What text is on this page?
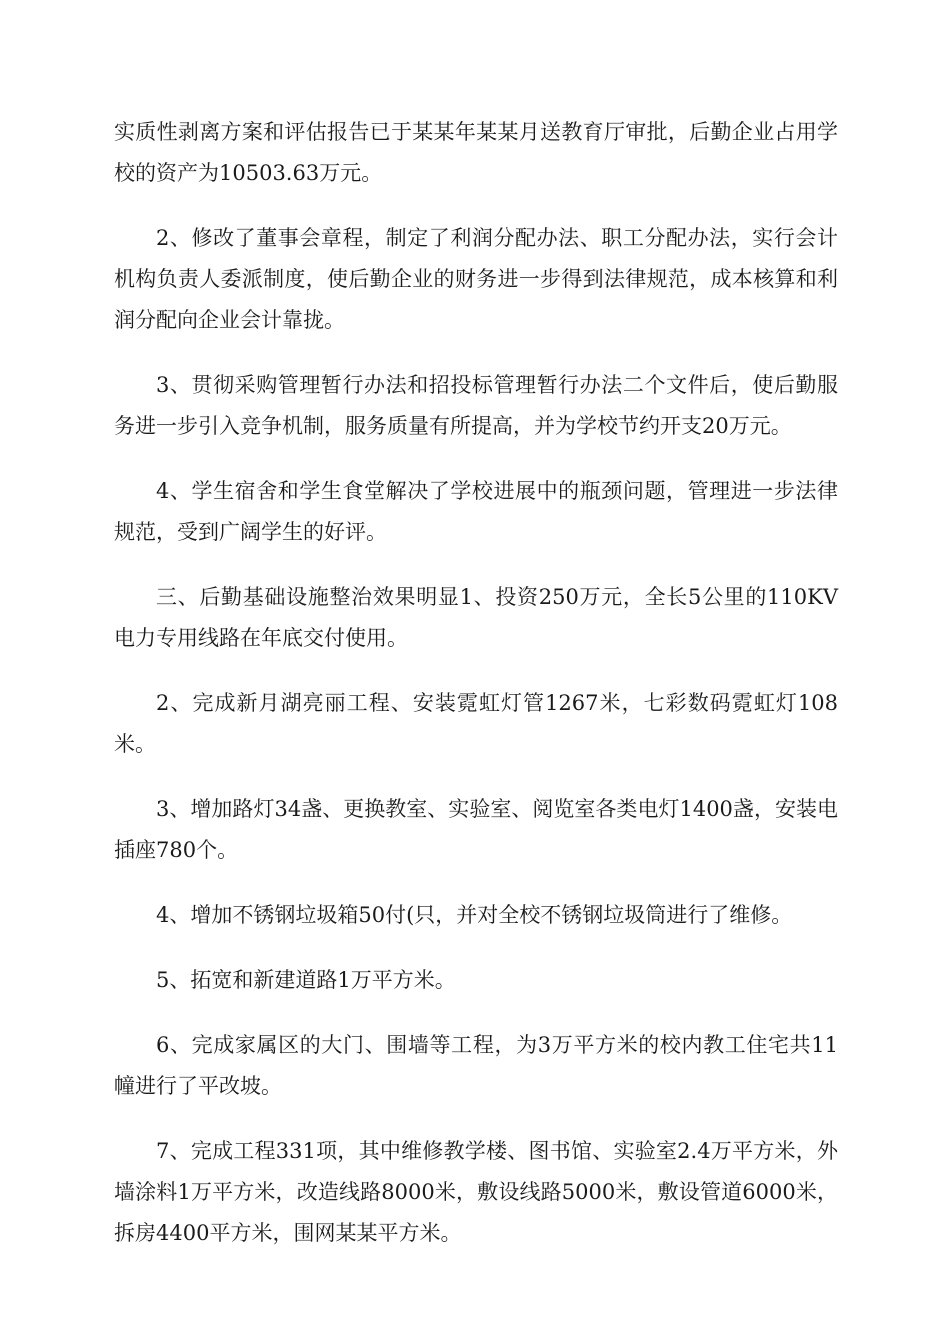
实质性剥离方案和评估报告已于某某年某某月送教育厅审批，后勤企业占用学校的资产为10503.63万元。

2、修改了董事会章程，制定了利润分配办法、职工分配办法，实行会计机构负责人委派制度，使后勤企业的财务进一步得到法律规范，成本核算和利润分配向企业会计靠拢。

3、贯彻采购管理暂行办法和招投标管理暂行办法二个文件后，使后勤服务进一步引入竞争机制，服务质量有所提高，并为学校节约开支20万元。

4、学生宿舍和学生食堂解决了学校进展中的瓶颈问题，管理进一步法律规范，受到广阔学生的好评。

三、后勤基础设施整治效果明显1、投资250万元，全长5公里的110KV电力专用线路在年底交付使用。

2、完成新月湖亮丽工程、安装霓虹灯管1267米，七彩数码霓虹灯108米。

3、增加路灯34盏、更换教室、实验室、阅览室各类电灯1400盏，安装电插座780个。

4、增加不锈钢垃圾箱50付(只，并对全校不锈钢垃圾筒进行了维修。

5、拓宽和新建道路1万平方米。

6、完成家属区的大门、围墙等工程，为3万平方米的校内教工住宅共11幢进行了平改坡。

7、完成工程331项，其中维修教学楼、图书馆、实验室2.4万平方米，外墙涂料1万平方米，改造线路8000米，敷设线路5000米，敷设管道6000米，拆房4400平方米，围网某某平方米。
